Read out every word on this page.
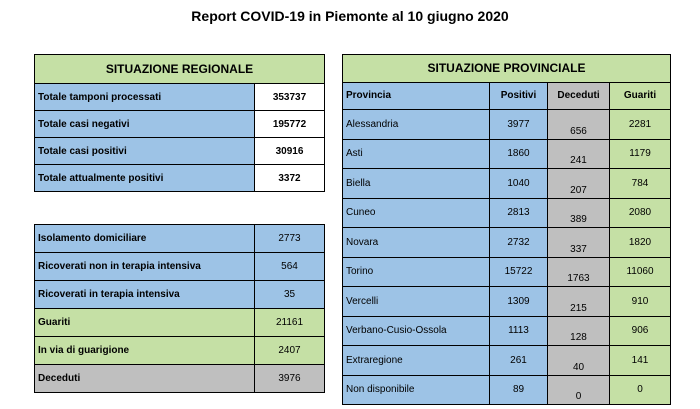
Report COVID-19 in Piemonte al 10 giugno 2020
SITUAZIONE REGIONALE	
Totale tamponi processati	353737
Totale casi negativi	195772
Totale casi positivi	30916
Totale attualmente positivi	3372
Isolamento domiciliare	2773
Ricoverati non in terapia intensiva	564
Ricoverati in terapia intensiva	35
Guariti	21161
In via di guarigione	2407
Deceduti	3976
SITUAZIONE PROVINCIALE			
Provincia	Positivi	Deceduti	Guariti
Alessandria	3977	656	2281
Asti	1860	241	1179
Biella	1040	207	784
Cuneo	2813	389	2080
Novara	2732	337	1820
Torino	15722	1763	11060
Vercelli	1309	215	910
Verbano-Cusio-Ossola	1113	128	906
Extraregione	261	40	141
Non disponibile	89	0	0
